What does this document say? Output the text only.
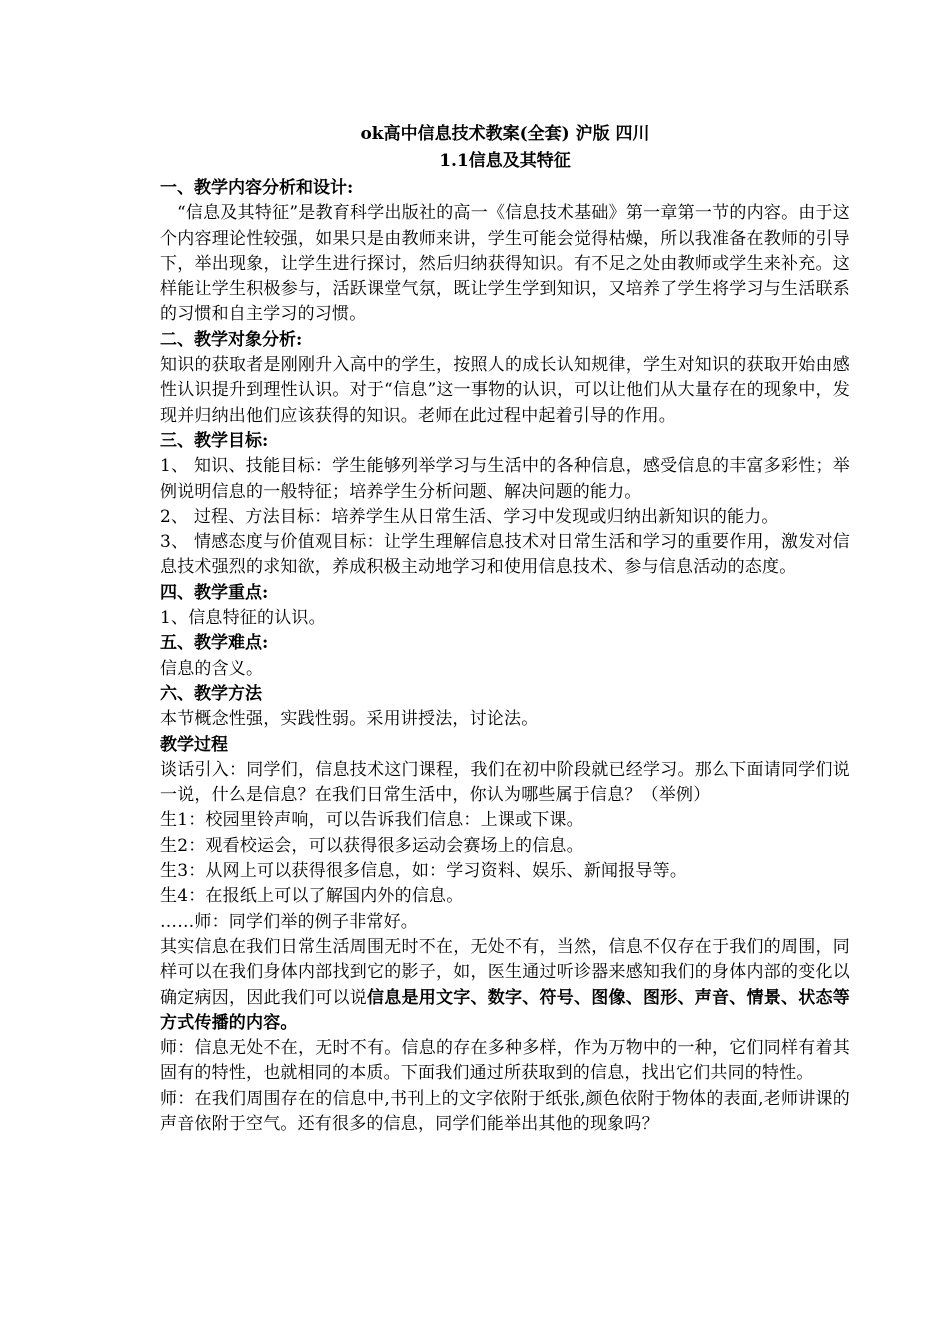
ok高中信息技术教案(全套) 沪版 四川

1.1信息及其特征

一、教学内容分析和设计:

“信息及其特征”是教育科学出版社的高一《信息技术基础》第一章第一节的内容。由于这个内容理论性较强，如果只是由教师来讲，学生可能会觉得枯燥，所以我准备在教师的引导下，举出现象，让学生进行探讨，然后归纳获得知识。有不足之处由教师或学生来补充。这样能让学生积极参与，活跃课堂气氛，既让学生学到知识，又培养了学生将学习与生活联系的习惯和自主学习的习惯。

二、教学对象分析:

知识的获取者是刚刚升入高中的学生，按照人的成长认知规律，学生对知识的获取开始由感性认识提升到理性认识。对于“信息”这一事物的认识，可以让他们从大量存在的现象中，发现并归纳出他们应该获得的知识。老师在此过程中起着引导的作用。

三、教学目标:

1、 知识、技能目标：学生能够列举学习与生活中的各种信息，感受信息的丰富多彩性；举例说明信息的一般特征；培养学生分析问题、解决问题的能力。

2、 过程、方法目标：培养学生从日常生活、学习中发现或归纳出新知识的能力。

3、 情感态度与价值观目标：让学生理解信息技术对日常生活和学习的重要作用，激发对信息技术强烈的求知欲，养成积极主动地学习和使用信息技术、参与信息活动的态度。

四、教学重点:

1、信息特征的认识。

五、教学难点:

信息的含义。

六、教学方法

本节概念性强，实践性弱。采用讲授法，讨论法。

教学过程

谈话引入：同学们，信息技术这门课程，我们在初中阶段就已经学习。那么下面请同学们说一说，什么是信息？在我们日常生活中，你认为哪些属于信息？（举例）

生1：校园里铃声响，可以告诉我们信息：上课或下课。

生2：观看校运会，可以获得很多运动会赛场上的信息。

生3：从网上可以获得很多信息，如：学习资料、娱乐、新闻报导等。

生4：在报纸上可以了解国内外的信息。

……师：同学们举的例子非常好。

其实信息在我们日常生活周围无时不在，无处不有，当然，信息不仅存在于我们的周围，同样可以在我们身体内部找到它的影子，如，医生通过听诊器来感知我们的身体内部的变化以确定病因，因此我们可以说信息是用文字、数字、符号、图像、图形、声音、情景、状态等方式传播的内容。

师：信息无处不在，无时不有。信息的存在多种多样，作为万物中的一种，它们同样有着其固有的特性，也就相同的本质。下面我们通过所获取到的信息，找出它们共同的特性。

师：在我们周围存在的信息中,书刊上的文字依附于纸张,颜色依附于物体的表面,老师讲课的声音依附于空气。还有很多的信息，同学们能举出其他的现象吗？
